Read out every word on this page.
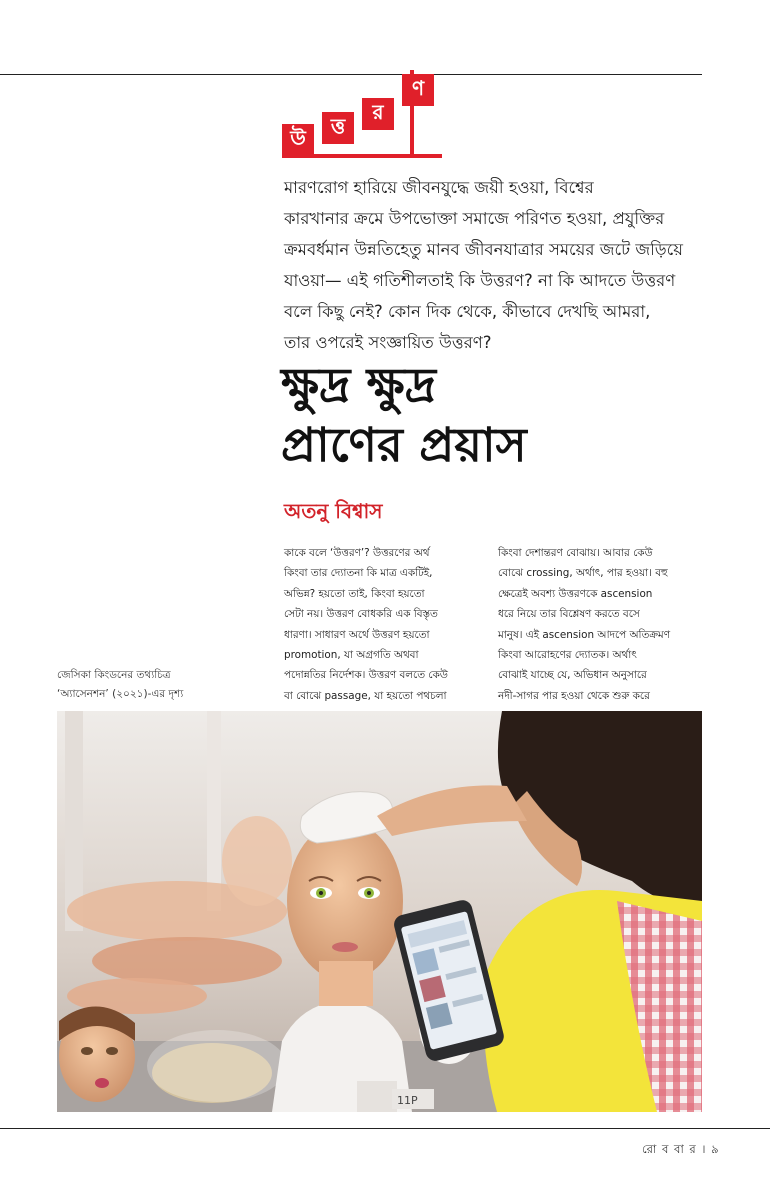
উ	ত্ত
র
ণ
মারণরোগ হারিয়ে জীবনযুদ্ধে জয়ী হওয়া, বিশ্বের
কারখানার ক্রমে উপভোক্তা সমাজে পরিণত হওয়া, প্রযুক্তির
ক্রমবর্ধমান উন্নতিহেতু মানব জীবনযাত্রার সময়ের জটে জড়িয়ে
যাওয়া— এই গতিশীলতাই কি উত্তরণ? না কি আদতে উত্তরণ
বলে কিছু নেই? কোন দিক থেকে, কীভাবে দেখছি আমরা,
তার ওপরেই সংজ্ঞায়িত উত্তরণ?
ক্ষুদ্র ক্ষুদ্র
প্রাণের প্রয়াস
অতনু বিশ্বাস
কাকে বলে ‘উত্তরণ’? উত্তরণের অর্থ
কিংবা তার দ্যোতনা কি মাত্র একটিই,
অভিন্ন? হয়তো তাই, কিংবা হয়তো
সেটা নয়। উত্তরণ বোধকরি এক বিস্তৃত
ধারণা। সাধারণ অর্থে উত্তরণ হয়তো
promotion, যা অগ্রগতি অথবা
পদোন্নতির নির্দেশক। উত্তরণ বলতে কেউ
বা বোঝে passage, যা হয়তো পথচলা
কিংবা দেশান্তরণ বোঝায়। আবার কেউ
বোঝে crossing, অর্থাৎ, পার হওয়া। বহু
ক্ষেত্রেই অবশ্য উত্তরণকে ascension
ধরে নিয়ে তার বিশ্লেষণ করতে বসে
মানুষ। এই ascension আদপে অতিক্রমণ
কিংবা আরোহণের দ্যোতক। অর্থাৎ
বোঝাই যাচ্ছে যে, অভিধান অনুসারে
নদী-সাগর পার হওয়া থেকে শুরু করে
জেসিকা কিংডনের তথ্যচিত্র
‘অ্যাসেনশন’ (২০২১)-এর দৃশ্য
11P
রো ব বা র । ৯
